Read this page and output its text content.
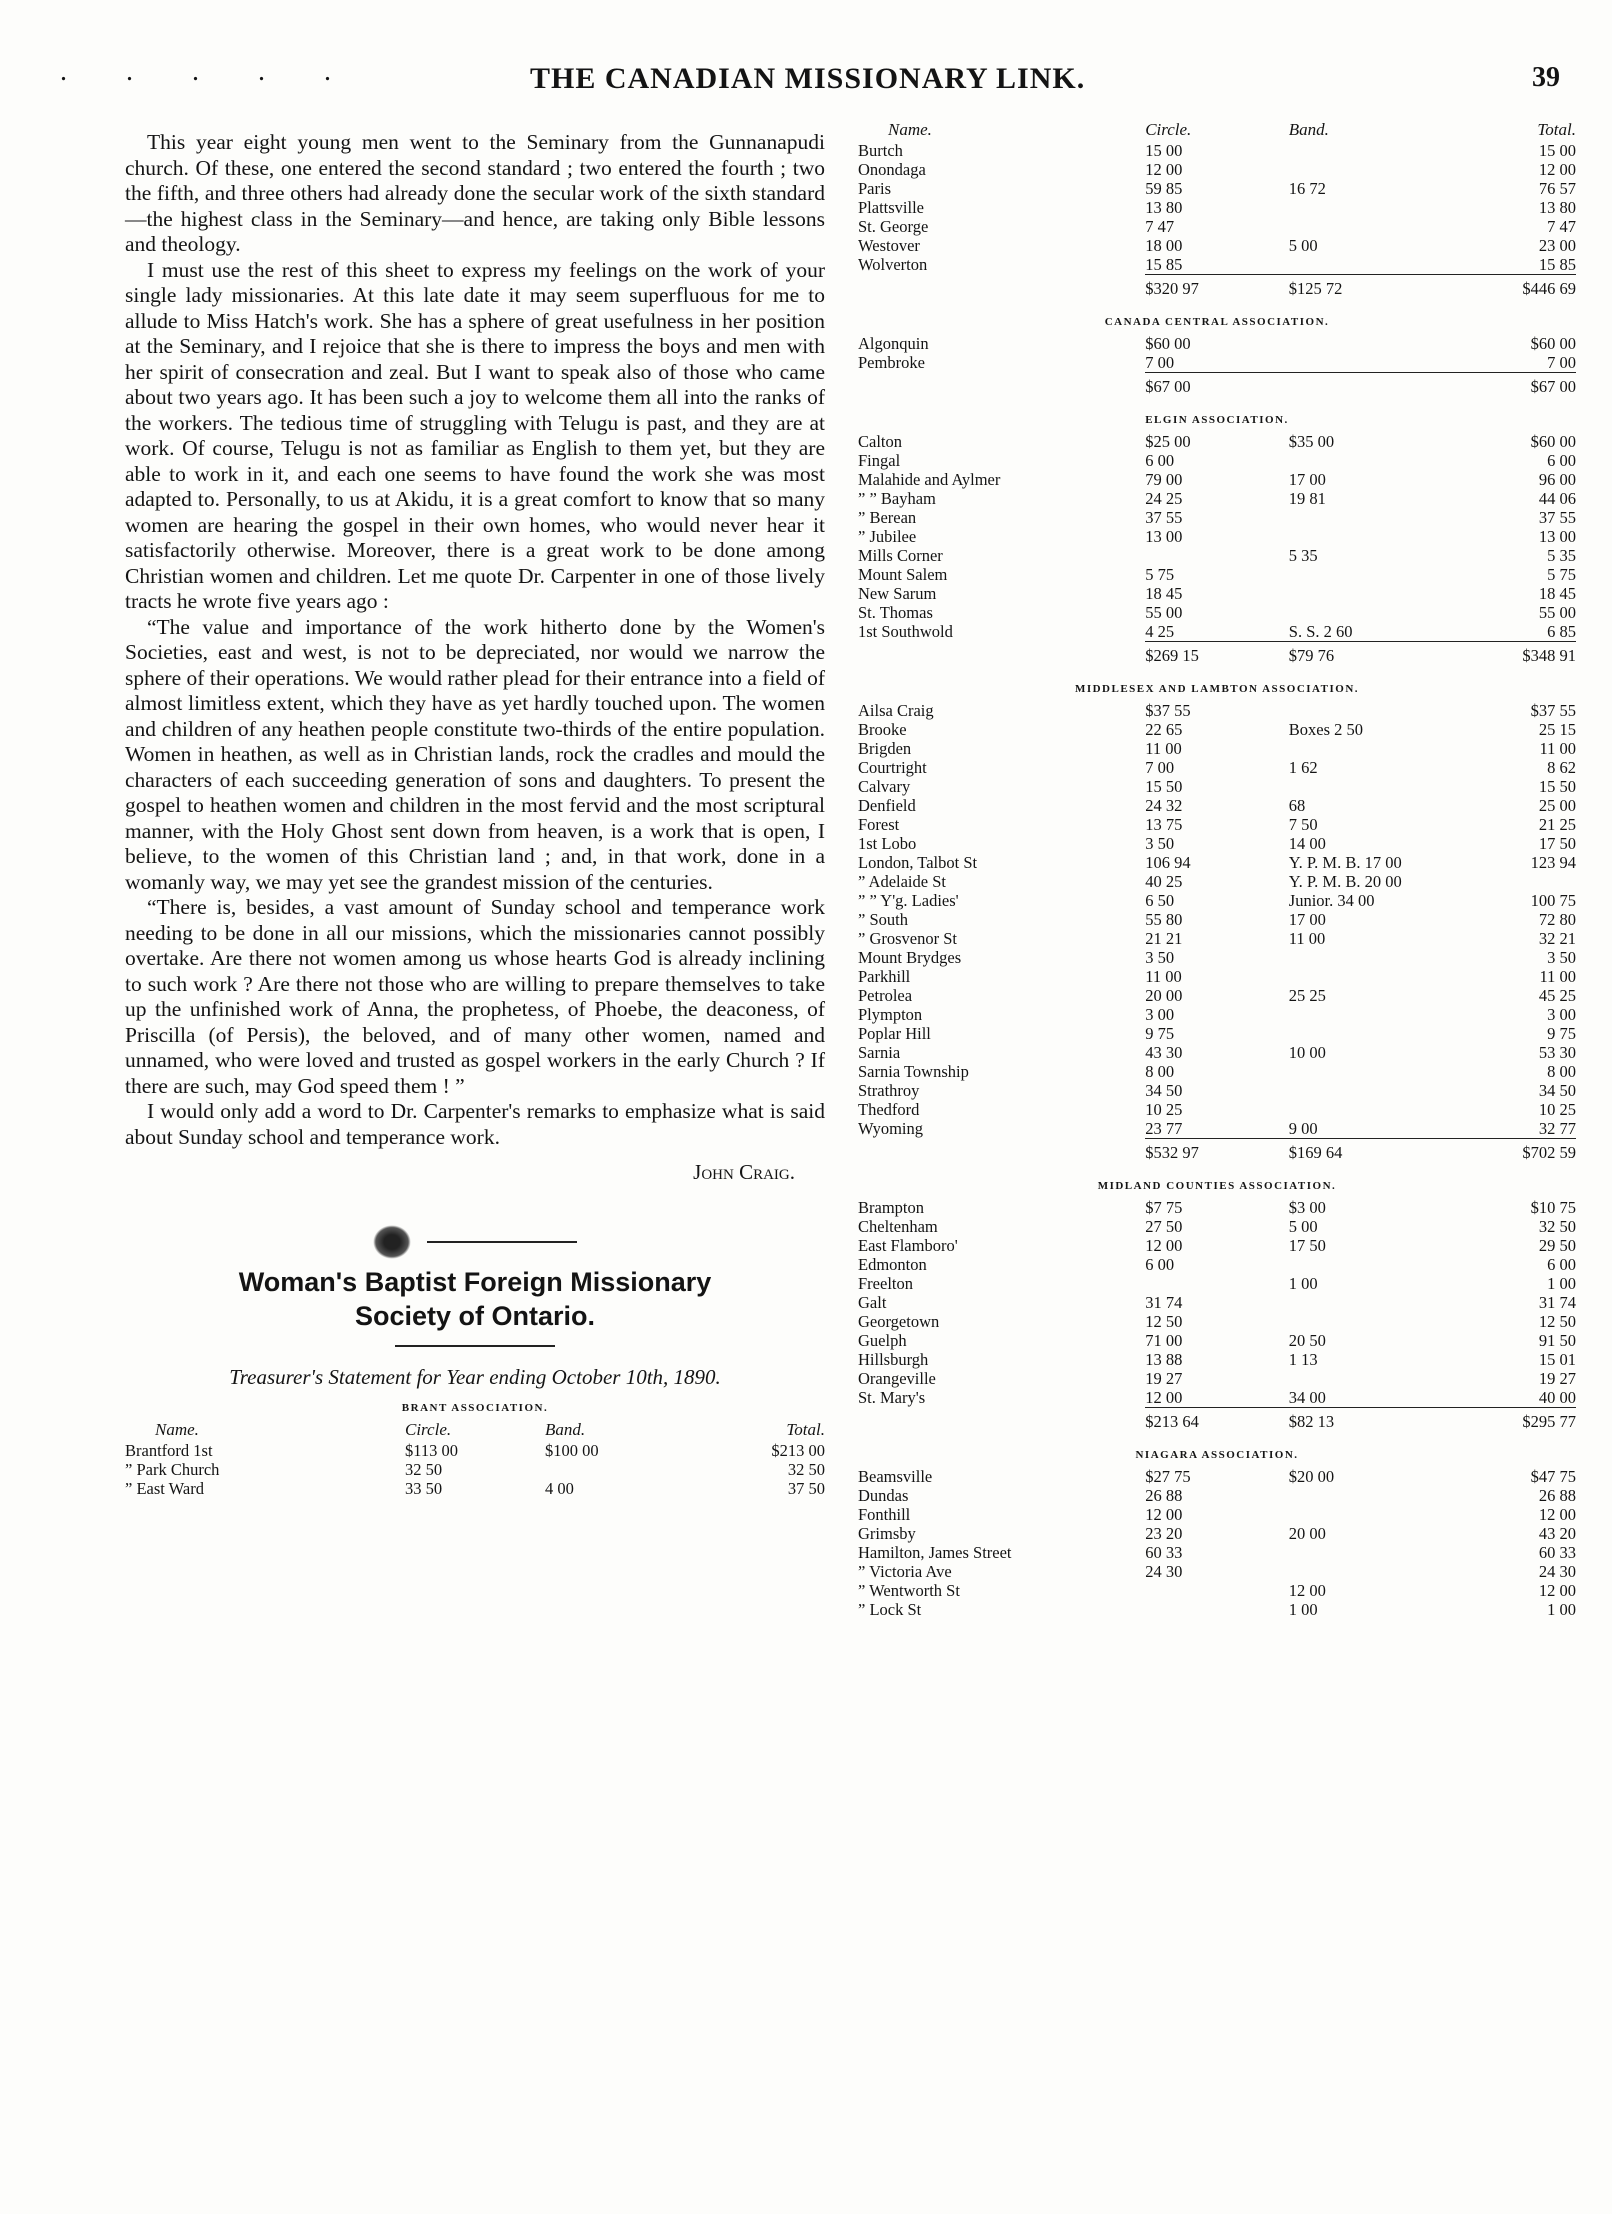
. . . . .	THE CANADIAN MISSIONARY LINK.	39

This year eight young men went to the Seminary from the Gunnanapudi church. Of these, one entered the second standard ; two entered the fourth ; two the fifth, and three others had already done the secular work of the sixth standard—the highest class in the Seminary—and hence, are taking only Bible lessons and theology.

I must use the rest of this sheet to express my feelings on the work of your single lady missionaries. At this late date it may seem superfluous for me to allude to Miss Hatch's work. She has a sphere of great usefulness in her position at the Seminary, and I rejoice that she is there to impress the boys and men with her spirit of consecration and zeal. But I want to speak also of those who came about two years ago. It has been such a joy to welcome them all into the ranks of the workers. The tedious time of struggling with Telugu is past, and they are at work. Of course, Telugu is not as familiar as English to them yet, but they are able to work in it, and each one seems to have found the work she was most adapted to. Personally, to us at Akidu, it is a great comfort to know that so many women are hearing the gospel in their own homes, who would never hear it satisfactorily otherwise. Moreover, there is a great work to be done among Christian women and children. Let me quote Dr. Carpenter in one of those lively tracts he wrote five years ago :

“The value and importance of the work hitherto done by the Women's Societies, east and west, is not to be depreciated, nor would we narrow the sphere of their operations. We would rather plead for their entrance into a field of almost limitless extent, which they have as yet hardly touched upon. The women and children of any heathen people constitute two-thirds of the entire population. Women in heathen, as well as in Christian lands, rock the cradles and mould the characters of each succeeding generation of sons and daughters. To present the gospel to heathen women and children in the most fervid and the most scriptural manner, with the Holy Ghost sent down from heaven, is a work that is open, I believe, to the women of this Christian land ; and, in that work, done in a womanly way, we may yet see the grandest mission of the centuries.

“There is, besides, a vast amount of Sunday school and temperance work needing to be done in all our missions, which the missionaries cannot possibly overtake. Are there not women among us whose hearts God is already inclining to such work ? Are there not those who are willing to prepare themselves to take up the unfinished work of Anna, the prophetess, of Phoebe, the deaconess, of Priscilla (of Persis), the beloved, and of many other women, named and unnamed, who were loved and trusted as gospel workers in the early Church ? If there are such, may God speed them ! ”

I would only add a word to Dr. Carpenter's remarks to emphasize what is said about Sunday school and temperance work.

John Craig.
Woman's Baptist Foreign Missionary
Society of Ontario.
Treasurer's Statement for Year ending October 10th, 1890.
BRANT ASSOCIATION.
Name.	Circle.	Band.	Total.
Brantford 1st	$113 00	$100 00	$213 00
” Park Church	32 50		32 50
” East Ward	33 50	4 00	37 50
Name.	Circle.	Band.	Total.
Burtch	15 00		15 00
Onondaga	12 00		12 00
Paris	59 85	16 72	76 57
Plattsville	13 80		13 80
St. George	7 47		7 47
Westover	18 00	5 00	23 00
Wolverton	15 85		15 85
	$320 97	$125 72	$446 69
CANADA CENTRAL ASSOCIATION.
Algonquin	$60 00		$60 00
Pembroke	7 00		7 00
	$67 00		$67 00
ELGIN ASSOCIATION.
Calton	$25 00	$35 00	$60 00
Fingal	6 00		6 00
Malahide and Aylmer	79 00	17 00	96 00
” ” Bayham	24 25	19 81	44 06
” Berean	37 55		37 55
” Jubilee	13 00		13 00
Mills Corner		5 35	5 35
Mount Salem	5 75		5 75
New Sarum	18 45		18 45
St. Thomas	55 00		55 00
1st Southwold	4 25	S. S. 2 60	6 85
	$269 15	$79 76	$348 91
MIDDLESEX AND LAMBTON ASSOCIATION.
Ailsa Craig	$37 55		$37 55
Brooke	22 65	Boxes 2 50	25 15
Brigden	11 00		11 00
Courtright	7 00	1 62	8 62
Calvary	15 50		15 50
Denfield	24 32	68	25 00
Forest	13 75	7 50	21 25
1st Lobo	3 50	14 00	17 50
London, Talbot St	106 94	Y. P. M. B. 17 00	123 94
” Adelaide St	40 25	Y. P. M. B. 20 00	
” ” Y'g. Ladies'	6 50	Junior. 34 00	100 75
” South	55 80	17 00	72 80
” Grosvenor St	21 21	11 00	32 21
Mount Brydges	3 50		3 50
Parkhill	11 00		11 00
Petrolea	20 00	25 25	45 25
Plympton	3 00		3 00
Poplar Hill	9 75		9 75
Sarnia	43 30	10 00	53 30
Sarnia Township	8 00		8 00
Strathroy	34 50		34 50
Thedford	10 25		10 25
Wyoming	23 77	9 00	32 77
	$532 97	$169 64	$702 59
MIDLAND COUNTIES ASSOCIATION.
Brampton	$7 75	$3 00	$10 75
Cheltenham	27 50	5 00	32 50
East Flamboro'	12 00	17 50	29 50
Edmonton	6 00		6 00
Freelton		1 00	1 00
Galt	31 74		31 74
Georgetown	12 50		12 50
Guelph	71 00	20 50	91 50
Hillsburgh	13 88	1 13	15 01
Orangeville	19 27		19 27
St. Mary's	12 00	34 00	40 00
	$213 64	$82 13	$295 77
NIAGARA ASSOCIATION.
Beamsville	$27 75	$20 00	$47 75
Dundas	26 88		26 88
Fonthill	12 00		12 00
Grimsby	23 20	20 00	43 20
Hamilton, James Street	60 33		60 33
” Victoria Ave	24 30		24 30
” Wentworth St		12 00	12 00
” Lock St		1 00	1 00
